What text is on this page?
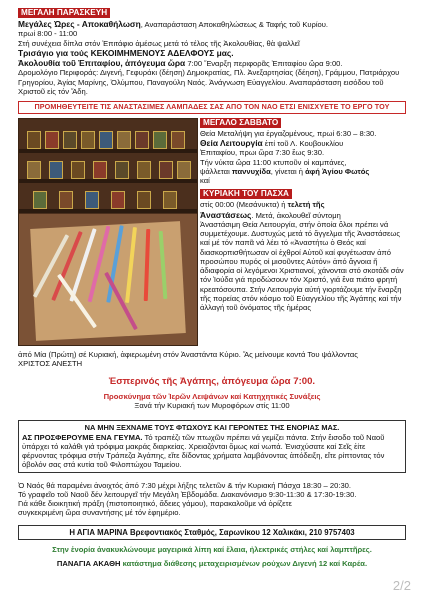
ΜΕΓΑΛΗ ΠΑΡΑΣΚΕΥΗ

Μεγάλες Ώρες - Αποκαθήλωση, Αναπαράσταση Αποκαθηλώσεως & Ταφής τοῦ Κυρίου.

πρωί 8:00 - 11:00

Στή συνέχεια δίπλα στόν Ἐπιτάφιο ἀμέσως μετά τό τέλος τῆς Ἀκολουθίας, θὰ ψαλλεῖ

Τρισάγιο για τούς ΚΕΚΟΙΜΗΜΕΝΟΥΣ ΑΔΕΛΦΟΥΣ μας.

Ἀκολουθία τοῦ Ἐπιταφίου, ἀπόγευμα ὥρα 7:00 Ἔναρξη περιφορᾶς Ἐπιταφίου ὥρα 9:00.

Δρομολόγιο Περιφοράς: Διγενή, Γεφυράκι (δέηση) Δημοκρατίας, Πλ. Ἀνεξαρτησίας (δέηση), Γράμμου, Πατριάρχου Γρηγορίου, Ἁγίας Μαρίνης, Ὀλύμπου, Παναγούλη Ναός. Ἀνάγνωση Εὐαγγελίου. Αναπαράσταση εισόδου τοῦ Χριστοῦ εἰς τόν Ἅδη.

ΠΡΟΜΗΘΕΥΤΕΙΤΕ ΤΙΣ ΑΝΑΣΤΑΣΙΜΕΣ ΛΑΜΠΑΔΕΣ ΣΑΣ ΑΠΟ ΤΟΝ ΝΑΟ ΕΤΣΙ ΕΝΙΣΧΥΕΤΕ ΤΟ ΕΡΓΟ ΤΟΥ
ΜΕΓΑΛΟ ΣΑΒΒΑΤΟ

Θεία Μεταλήψη για ἐργαζομένους, πρωί 6:30 – 8:30.

Θεία Λειτουργία ἐπί τοῦ Λ. Κουβουκλίου

Ἐπιταφίου, πρωι ὥρα 7:30 ἕως 9:30.

Τήν νύκτα ὥρα 11:00 κτυποῦν οἱ καμπάνες,

ψάλλεται παννυχίδα, γίνεται ἡ ἀφή Ἁγίου Φωτός

καί

ΚΥΡΙΑΚΗ ΤΟΥ ΠΑΣΧΑ

στίς 00:00 (Μεσάνυκτα) ἡ τελετή τῆς

Ἀναστάσεως. Μετά, ἀκολουθεῖ σύντομη

Ἀναστάσιμη Θεία Λειτουργία, στήν ὁποία ὅλοι πρέπει νά συμμετέχουμε. Δυστυχώς μετά τό ἄγγελμα τῆς Ἀναστάσεως καί μέ τόν παπᾶ νά λέει τό «Ἀναστήτω ὁ Θεός καί διασκορπισθήτωσαν οἱ ἐχθροί Αὐτοῦ καί φυγέτωσαν ἀπό προσώπου πυρός οἱ μισοῦντες Αὐτόν» ἀπό ἄγνοια ἤ ἀδιαφορία οἱ λεγόμενοι Χριστιανοί, χάνονται στό σκοτάδι σάν τόν Ἰούδα γιά προδώσουν τόν Χριστό, γιά ἕνα πιάτο φρητή κρεατόσουπα. Στήν Λειτουργία αὐτή γιορτάζουμε τήν ἔναρξη τῆς πορείας στόν κόσμο τοῦ Εὐαγγελίου τῆς Ἀγάπης καί τήν ἀλλαγή τοῦ ὀνόματος τῆς ἡμέρας

ἀπό Μία (Πρώτη) σέ Κυριακή, ἀφιερωμένη στόν Ἀναστάντα Κύριο. Ἄς μείνουμε κοντά Του ψάλλοντας

ΧΡΙΣΤΟΣ ΑΝΕΣΤΗ

Ἑσπερινός τῆς Ἀγάπης, ἀπόγευμα ὥρα 7:00.

Προσκύνημα τῶν Ἱερῶν Λειψάνων καί Κατηχητικές Συνάξεις

Ξανά τήν Κυριακή των Μυροφόρων στίς 11:00

ΝΑ ΜΗΝ ΞΕΧΝΑΜΕ ΤΟΥΣ ΦΤΩΧΟΥΣ ΚΑΙ ΓΕΡΟΝΤΕΣ ΤΗΣ ΕΝΟΡΙΑΣ ΜΑΣ.

ΑΣ ΠΡΟΣΦΕΡΟΥΜΕ ΕΝΑ ΓΕΥΜΑ. Τό τραπέζι τῶν πτωχῶν πρέπει νά γεμίζει πάντα. Στήν ἔισοδο τοῦ Ναοῦ

ὑπάρχει τό καλάθι γιά τρόφιμα μακράς διαρκείας. Χρειαζόνται ὅμως καί νωπά. Ἐνισχύσατε καί Σεῖς ἐίτε

φέρνοντας τρόφιμα στήν Τράπεζα Ἀγάπης, εἴτε δίδοντας χρήματα λαμβάνοντας ἀπόδειξη, εἴτε ρίπτοντας τόν

ὀβολόν σας στά κυτία τοῦ Φιλοπτώχου Ταμείου.

Ὁ Ναός θά παραμένει ἀνοιχτός ἀπό 7:30 μέχρι λήξης τελετῶν & τήν Κυριακή Πάσχα 18:30 – 20:30.

Τό γραφεῖο τοῦ Ναοῦ δέν λειτουργεῖ τήν Μεγάλη Ἑβδομάδα. Διακανόνισμο 9:30-11:30 & 17:30-19:30.

Γιά κάθε διοικητική πράξη (πιστοποιητικό, ἄδειες γάμου), παρακαλοῦμε νά ὁρίζετε

συγκεκριμένη ὥρα συναντήσης μέ τόν ἐφημέριο.

Η ΑΓΙΑ ΜΑΡΙΝΑ Βρεφοντιακός Σταθμός, Σαρωνίκου 12 Χαλικάκι, 210 9757403

Στην ἐνορία ἀνακυκλώνουμε μαγειρικά λίπη καί ἔλαια, ἠλεκτρικές στήλες καί λαμπτῆρες.

ΠΑΝΑΓΙΑ ΑΚΑΘΗ κατάστημα διάθεσης μεταχειρισμένων ρούχων Διγενή 12 καί Καρέα.

2/2
